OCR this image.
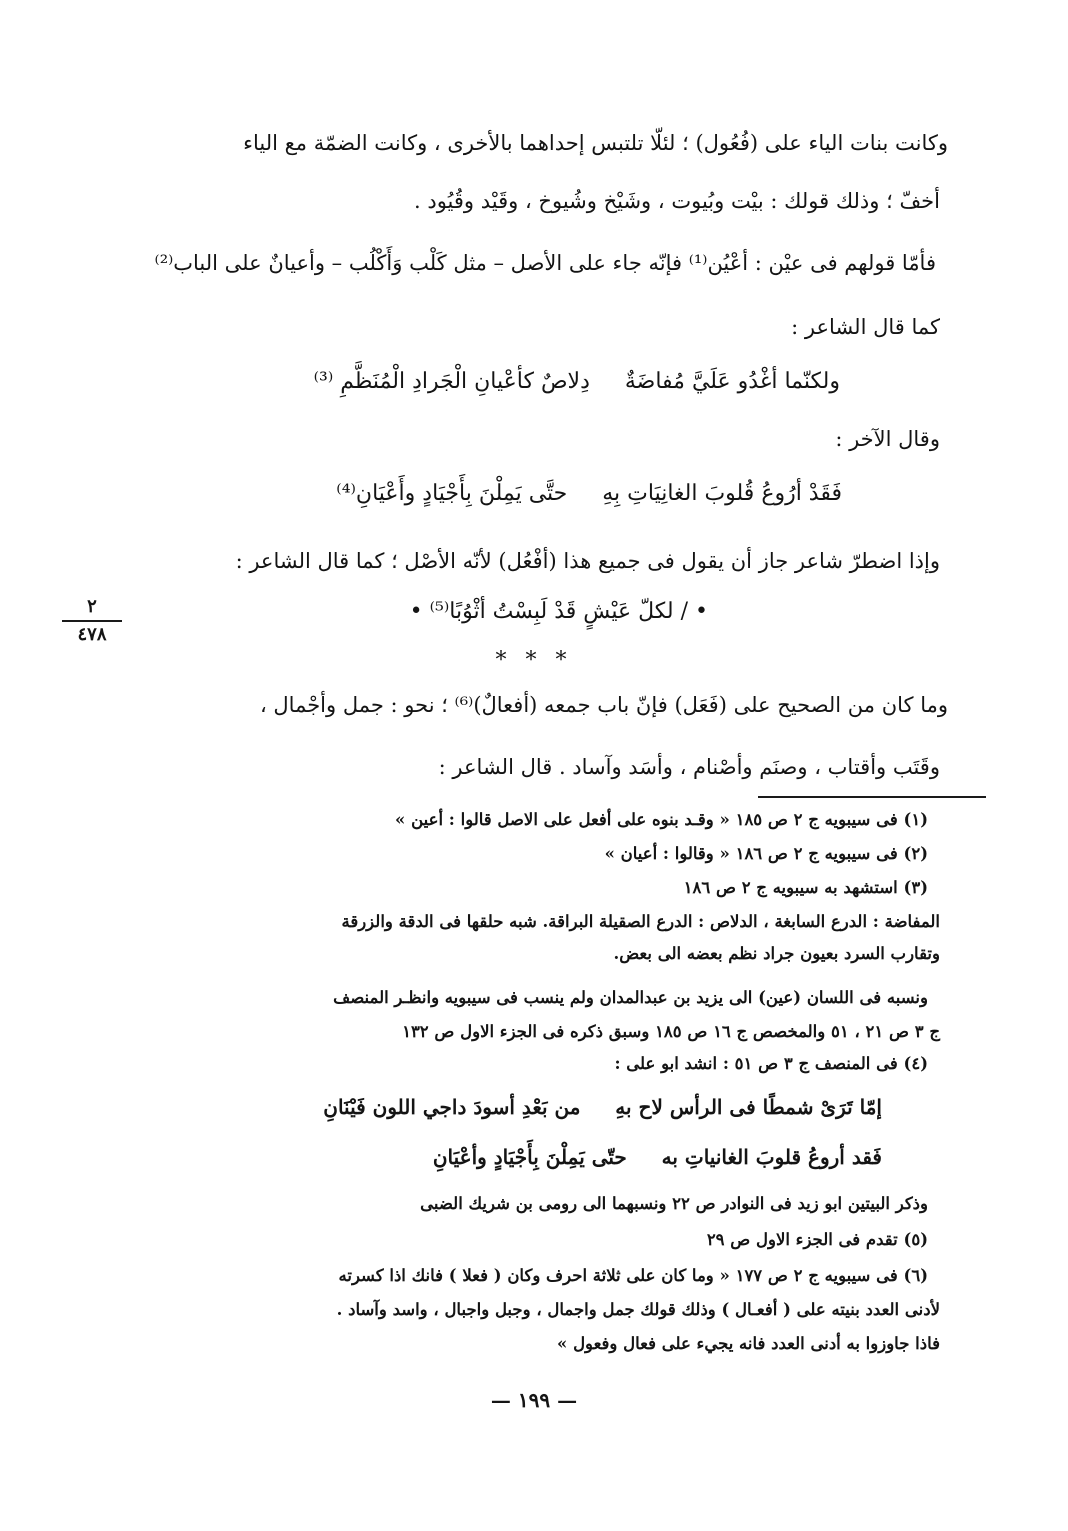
وكانت بنات الياء على (فُعُول) ؛ لئلّا تلتبس إحداهما بالأخرى ، وكانت الضمّة مع الياء
أخفّ ؛ وذلك قولك : بيْت وبُيوت ، وشَيْخ وشُيوخ ، وقَيْد وقُيُود .
فأمّا قولهم فى عيْن : أعْيُن⁽¹⁾ فإنّه جاء على الأصل – مثل كَلْب وَأَكْلُب – وأعيانٌ على الباب⁽²⁾
كما قال الشاعر :
ولكنّما أغْدُو عَلَيَّ مُفاضَةٌ ‏ ‏ ‏ ‏ دِلاصٌ كأعْيانِ الْجَرادِ الْمُنَظَّمِ ⁽³⁾
وقال الآخر :
فَقَدْ أرُوعُ قُلوبَ الغانِيَاتِ بِهِ ‏ ‏ ‏ ‏ حتَّى يَمِلْنَ بِأَجْيَادٍ وأَعْيَانِ⁽⁴⁾
وإذا اضطرّ شاعر جاز أن يقول فى جميع هذا (أفْعُل) لأنّه الأصْل ؛ كما قال الشاعر :
• / لكلّ عَيْشٍ قَدْ لَبِسْتُ أثْوُبًا⁽⁵⁾ •
٢
٤٧٨
* * *
وما كان من الصحيح على (فَعَل) فإنّ باب جمعه (أفعالٌ)⁽⁶⁾ ؛ نحو : جمل وأجْمال ،
وقَتَب وأقتاب ، وصنَم وأصْنام ، وأسَد وآساد . قال الشاعر :
(١) فى سيبويه ج ٢ ص ١٨٥ « وقـد بنوه على أفعل على الاصل قالوا : أعين »
(٢) فى سيبويه ج ٢ ص ١٨٦ « وقالوا : أعيان »
(٣) استشهد به سيبويه ج ٢ ص ١٨٦
المفاضة : الدرع السابغة ، الدلاص : الدرع الصقيلة البراقة. شبه حلقها فى الدقة والزرقة
وتقارب السرد بعيون جراد نظم بعضه الى بعض.
ونسبه فى اللسان (عين) الى يزيد بن عبدالمدان ولم ينسب فى سيبويه وانظـر المنصف
ج ٣ ص ٢١ ، ٥١ والمخصص ج ١٦ ص ١٨٥ وسبق ذكره فى الجزء الاول ص ١٣٢
(٤) فى المنصف ج ٣ ص ٥١ : انشد ابو على :
إمّا تَرَىْ شمطًا فى الرأس لاح بهِ ‏ ‏ ‏ ‏ من بَعْدِ أسودَ داجي اللون فَيْنَانِ
فَقد أروعُ قلوبَ الغانياتِ به ‏ ‏ ‏ ‏ حتّى يَمِلْنَ بِأَجْيَادٍ وأعْيَانِ
وذكر البيتين ابو زيد فى النوادر ص ٢٢ ونسبهما الى رومى بن شريك الضبى
(٥) تقدم فى الجزء الاول ص ٢٩
(٦) فى سيبويه ج ٢ ص ١٧٧ « وما كان على ثلاثة احرف وكان ( فعلا ) فانك اذا كسرته
لأدنى العدد بنيته على ( أفعـال ) وذلك قولك جمل واجمال ، وجبل واجبال ، واسد وآساد .
فاذا جاوزوا به أدنى العدد فانه يجيء على فعال وفعول »
— ١٩٩ —
